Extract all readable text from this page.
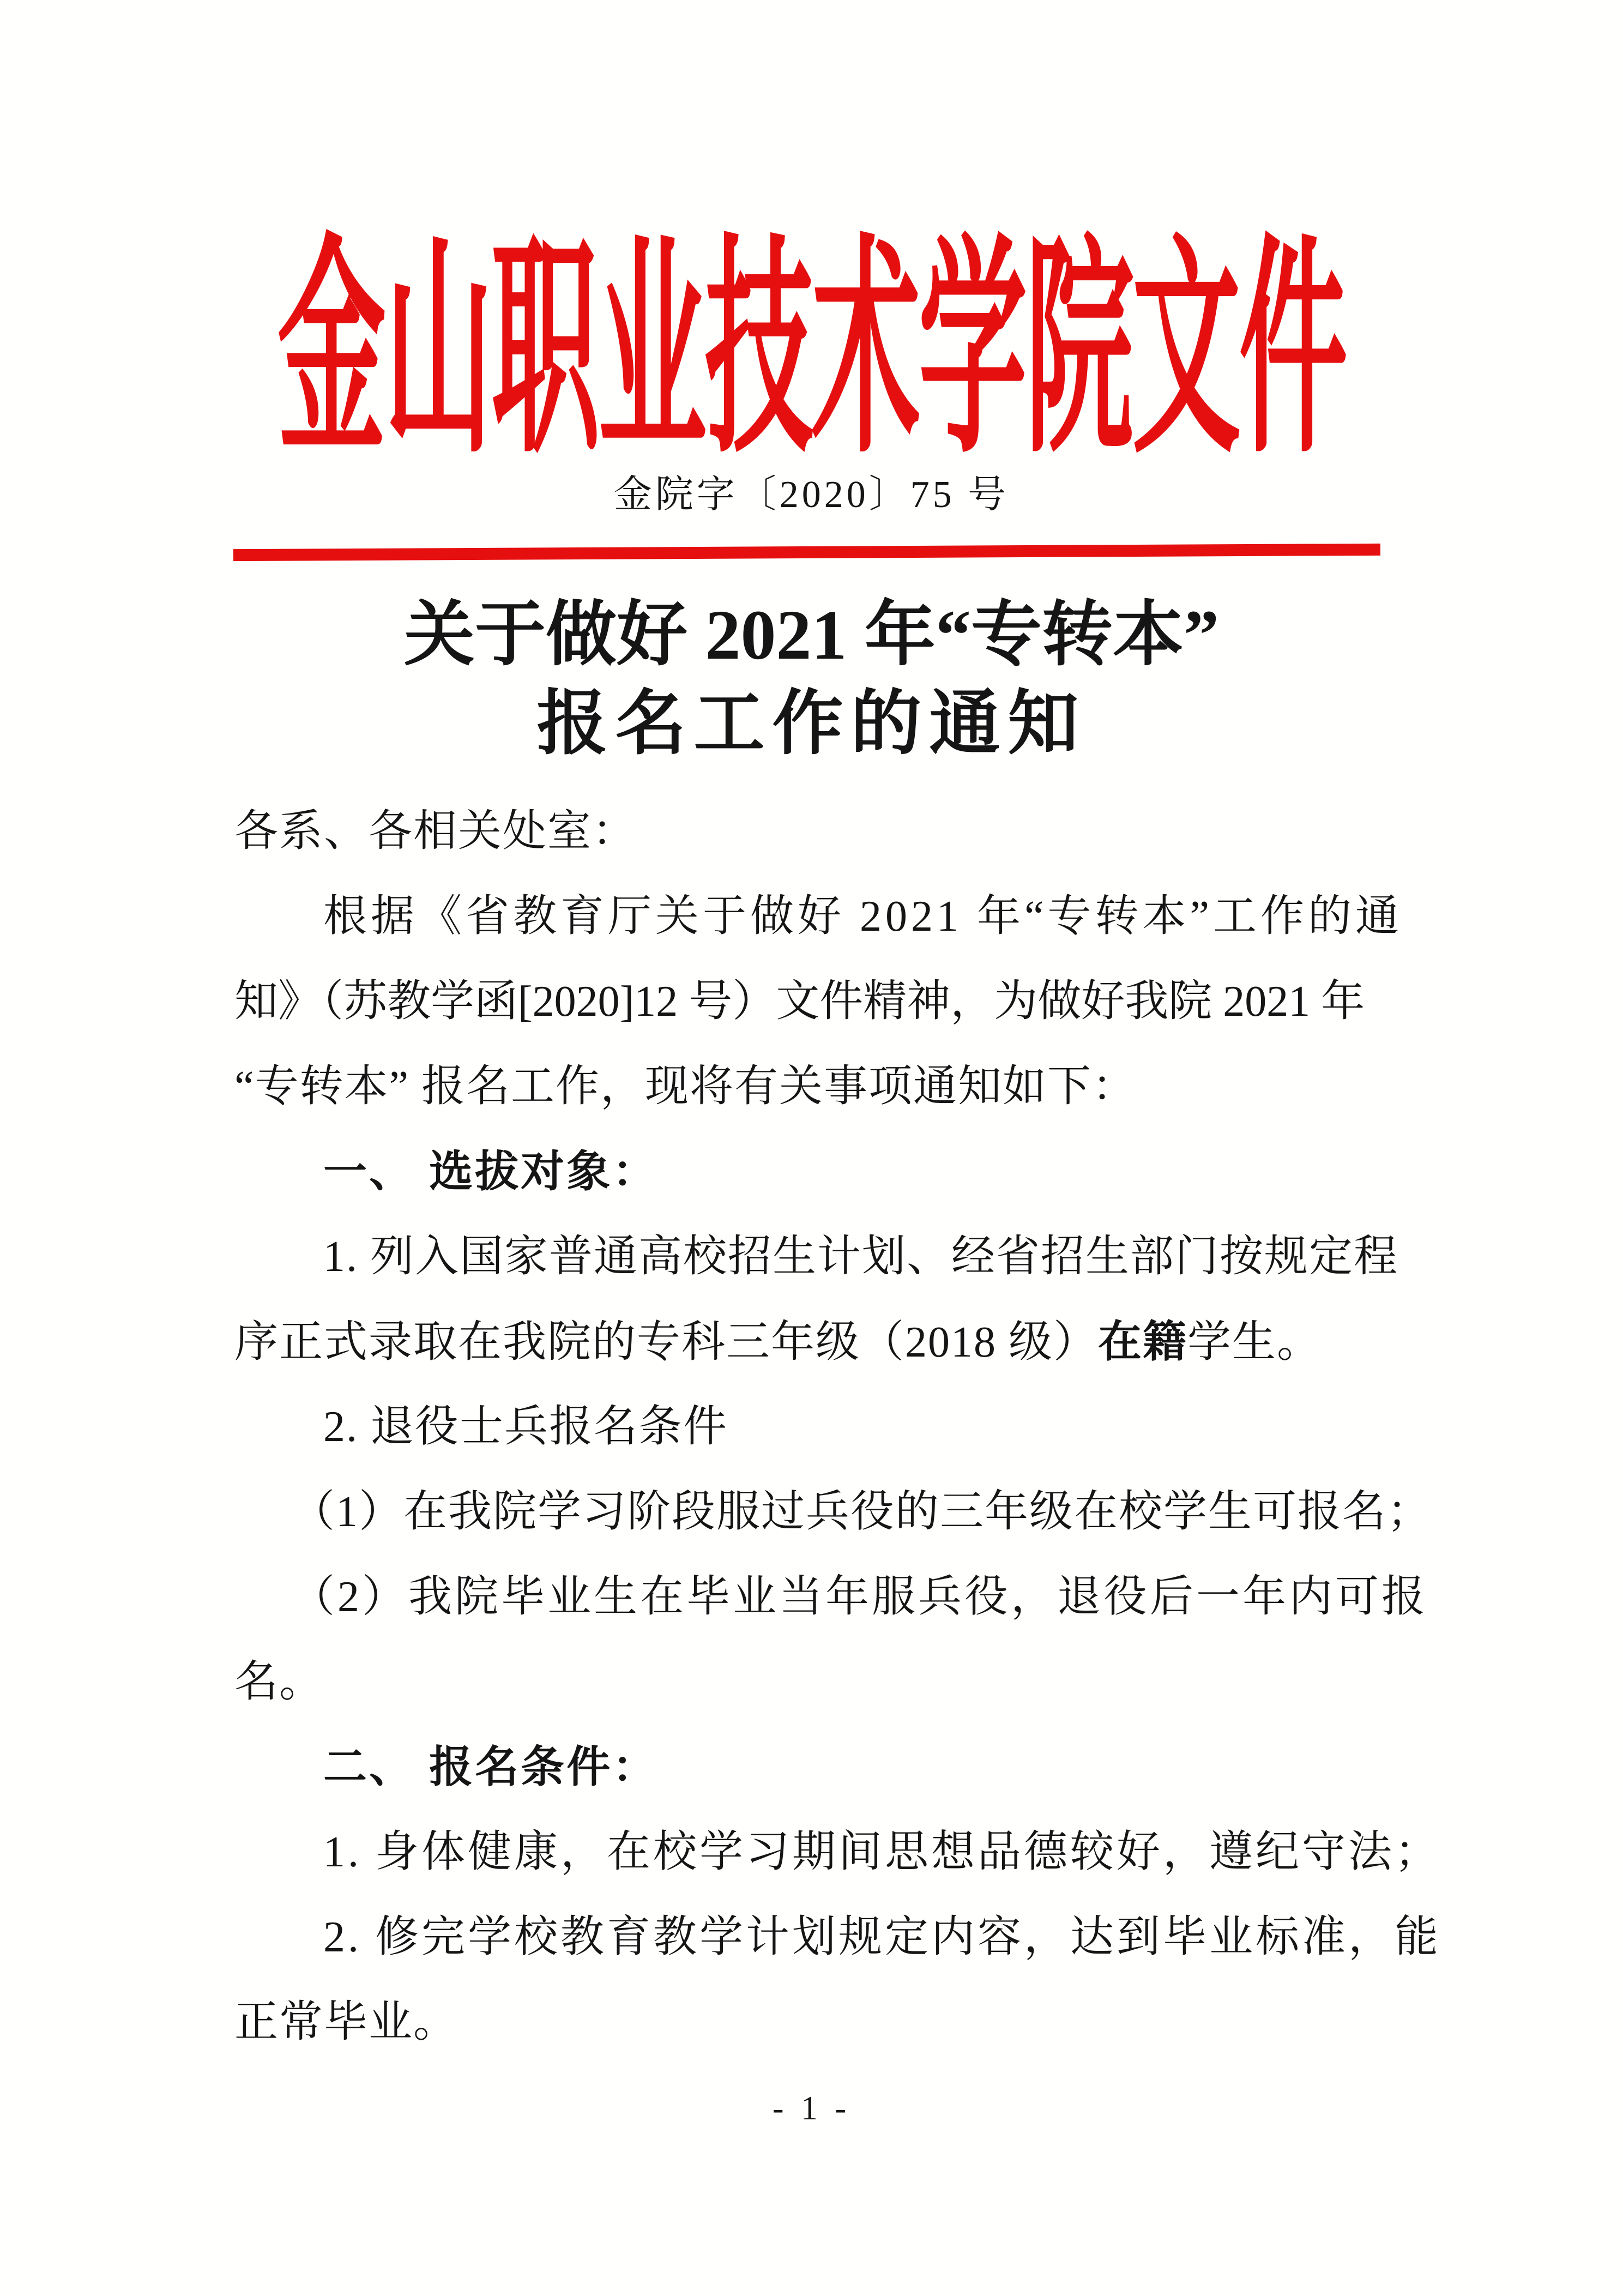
金山职业技术学院文件
金院字〔2020〕75 号
关于做好 2021 年“专转本”
报名工作的通知
各系、各相关处室：
根据《省教育厅关于做好 2021 年“专转本”工作的通
知》（苏教学函[2020]12 号）文件精神，为做好我院 2021 年
“专转本” 报名工作，现将有关事项通知如下：
一、 选拔对象：
1. 列入国家普通高校招生计划、经省招生部门按规定程
序正式录取在我院的专科三年级（2018 级）在籍学生。
2. 退役士兵报名条件
（1）在我院学习阶段服过兵役的三年级在校学生可报名；
（2）我院毕业生在毕业当年服兵役，退役后一年内可报
名。
二、 报名条件：
1. 身体健康，在校学习期间思想品德较好，遵纪守法；
2. 修完学校教育教学计划规定内容，达到毕业标准，能
正常毕业。
- 1 -
